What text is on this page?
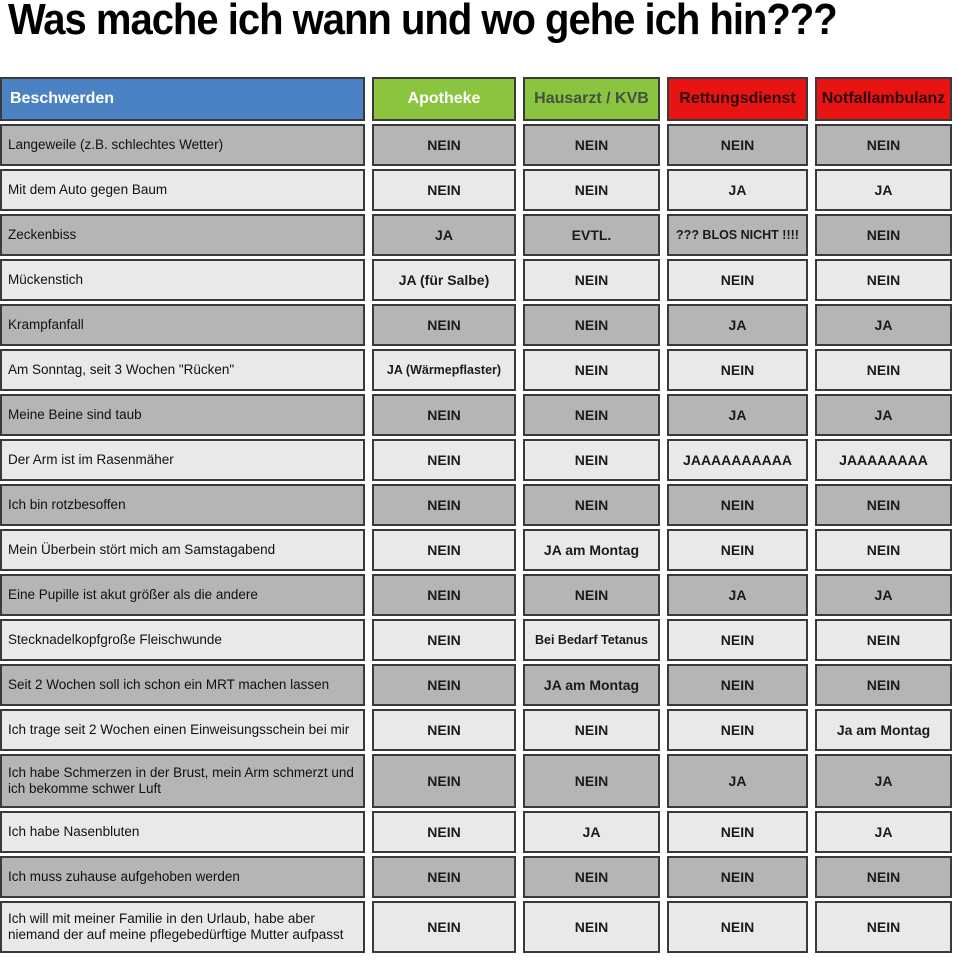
Was mache ich wann und wo gehe ich hin???
Beschwerden	Apotheke	Hausarzt / KVB	Rettungsdienst	Notfallambulanz
Langeweile (z.B. schlechtes Wetter)	NEIN	NEIN	NEIN	NEIN
Mit dem Auto gegen Baum	NEIN	NEIN	JA	JA
Zeckenbiss	JA	EVTL.	??? BLOS NICHT !!!!	NEIN
Mückenstich	JA (für Salbe)	NEIN	NEIN	NEIN
Krampfanfall	NEIN	NEIN	JA	JA
Am Sonntag, seit 3 Wochen "Rücken"	JA (Wärmepflaster)	NEIN	NEIN	NEIN
Meine Beine sind taub	NEIN	NEIN	JA	JA
Der Arm ist im Rasenmäher	NEIN	NEIN	JAAAAAAAAAA	JAAAAAAAA
Ich bin rotzbesoffen	NEIN	NEIN	NEIN	NEIN
Mein Überbein stört mich am Samstagabend	NEIN	JA am Montag	NEIN	NEIN
Eine Pupille ist akut größer als die andere	NEIN	NEIN	JA	JA
Stecknadelkopfgroße Fleischwunde	NEIN	Bei Bedarf Tetanus	NEIN	NEIN
Seit 2 Wochen soll ich schon ein MRT machen lassen	NEIN	JA am Montag	NEIN	NEIN
Ich trage seit 2 Wochen einen Einweisungsschein bei mir	NEIN	NEIN	NEIN	Ja am Montag
Ich habe Schmerzen in der Brust, mein Arm schmerzt und ich bekomme schwer Luft	NEIN	NEIN	JA	JA
Ich habe Nasenbluten	NEIN	JA	NEIN	JA
Ich muss zuhause aufgehoben werden	NEIN	NEIN	NEIN	NEIN
Ich will mit meiner Familie in den Urlaub, habe aber niemand der auf meine pflegebedürftige Mutter aufpasst	NEIN	NEIN	NEIN	NEIN
